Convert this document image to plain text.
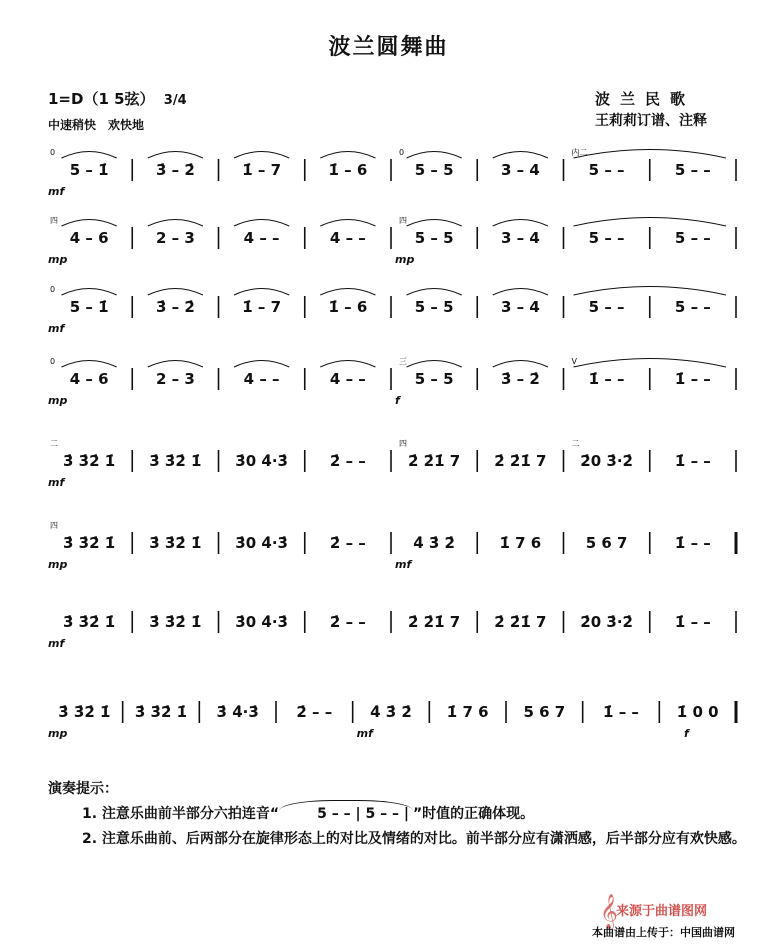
波兰圆舞曲
1=D（1 5弦） 3/4
中速稍快　欢快地
波兰民歌
王莉莉订谱、注释
5 – 1̇	3̇ – 2̇	1̇ – 7	1̇ – 6	5 – 5	3 – 4	5 – –	5 – –
mf
0	0	内二
4 – 6	2 – 3	4 – –	4 – –	5 – 5	3 – 4	5 – –	5 – –
mp	mp
四	四
5 – 1̇	3̇ – 2̇	1̇ – 7	1̇ – 6	5 – 5	3 – 4	5 – –	5 – –
mf
0
4 – 6	2 – 3	4 – –	4 – –	5 – 5	3̇ – 2̇	1̇ – –	1̇ – –
mp	f
0	三	V
3̇ 3̇2̇ 1̇ 3̇ 3̇2̇ 1̇ 3̇0 4̇·3̇	2̇ – –	2̇ 2̇1̇ 7 2̇ 2̇1̇ 7 2̇0 3̇·2̇	1̇ – –
mf
二	四	二
3̇ 3̇2̇ 1̇ 3̇ 3̇2̇ 1̇ 3̇0 4̇·3̇	2̇ – –	4̇ 3̇ 2̇	1̇ 7 6	5 6 7	1̇ – –
mp	mf
四
3̇ 3̇2̇ 1̇ 3̇ 3̇2̇ 1̇ 3̇0 4̇·3̇	2̇ – –	2̇ 2̇1̇ 7 2̇ 2̇1̇ 7 2̇0 3̇·2̇	1̇ – –
mf
3̇ 3̇2̇ 1̇ 3̇ 3̇2̇ 1̇ 3̇ 4̇·3̇	2̇ – –	4̇ 3̇ 2̇ 1̇ 7 6 5 6 7	1̇ – –	1̇ 0 0
mp	mf	f
演奏提示：
1. 注意乐曲前半部分六拍连音“	5 – – | 5 – – | ”时值的正确体现。
2. 注意乐曲前、后两部分在旋律形态上的对比及情绪的对比。前半部分应有潇洒感，后半部分应有欢快感。
𝄞
来源于曲谱图网
本曲谱由上传于：中国曲谱网
